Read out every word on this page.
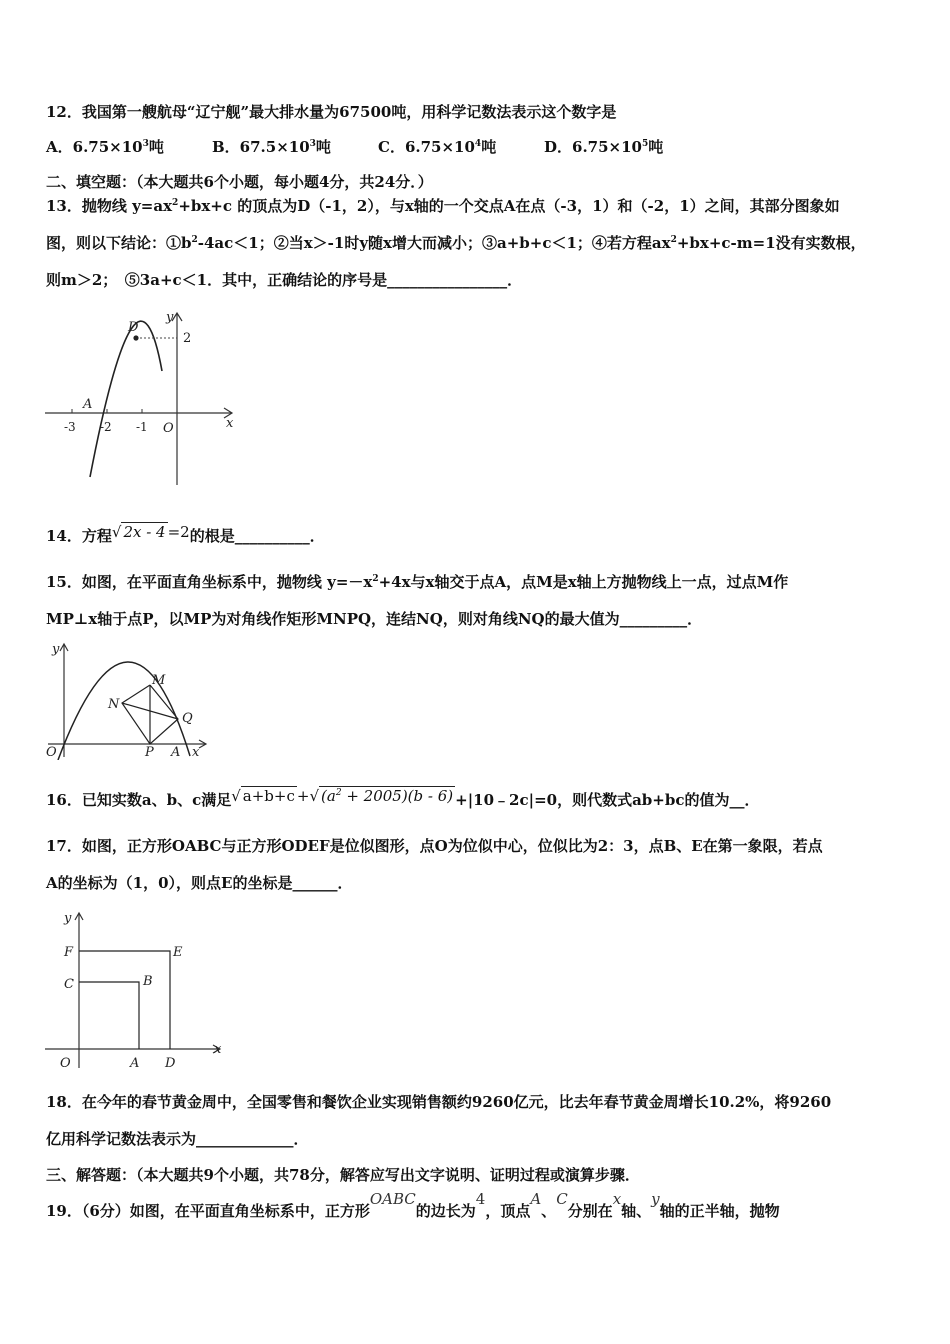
12．我国第一艘航母“辽宁舰”最大排水量为67500吨，用科学记数法表示这个数字是
A．$6.75\times 10^3$吨	B．$67.5\times 10^3$吨	C．$6.75\times 10^4$吨	D．$6.75\times 10^5$吨
二、填空题：（本大题共6个小题，每小题4分，共24分．）
13．抛物线 $y=ax^2+bx+c$ 的顶点为D（-1，2），与x轴的一个交点A在点（-3，1）和（-2，1）之间，其部分图象如
图，则以下结论：$①b^2-4ac<1$；②当x＞-1时y随x增大而减小；③a+b+c＜1；④若方程$ax^2+bx+c-m=1$没有实数根，
则m＞2；　⑤3a+c＜1．其中，正确结论的序号是________________．
D
y
2
A
-3 -2 -1 O	x
14．方程√ 2x - 4 =2的根是__________．
15．如图，在平面直角坐标系中，抛物线 $y=-x^2+4x$与x轴交于点A，点M是x轴上方抛物线上一点，过点M作
MP⊥x轴于点P，以MP为对角线作矩形MNPQ，连结NQ，则对角线NQ的最大值为_________．
y
M
N
Q
O	P A x
16．已知实数a、b、c满足√ a+b+c +√ $(a^2 + 2005)(b - 6)$ +|10﹣2c|=0，则代数式ab+bc的值为__．
17．如图，正方形OABC与正方形ODEF是位似图形，点O为位似中心，位似比为2：3，点B、E在第一象限，若点
A的坐标为（1，0），则点E的坐标是______．
y
F	E
C	B
O	A D
x
18．在今年的春节黄金周中，全国零售和餐饮企业实现销售额约9260亿元，比去年春节黄金周增长10.2%，将9260
亿用科学记数法表示为_____________．
三、解答题：（本大题共9个小题，共78分，解答应写出文字说明、证明过程或演算步骤．
19．（6分）如图，在平面直角坐标系中，正方形OABC的边长为4，顶点A、C分别在x轴、y轴的正半轴，抛物
